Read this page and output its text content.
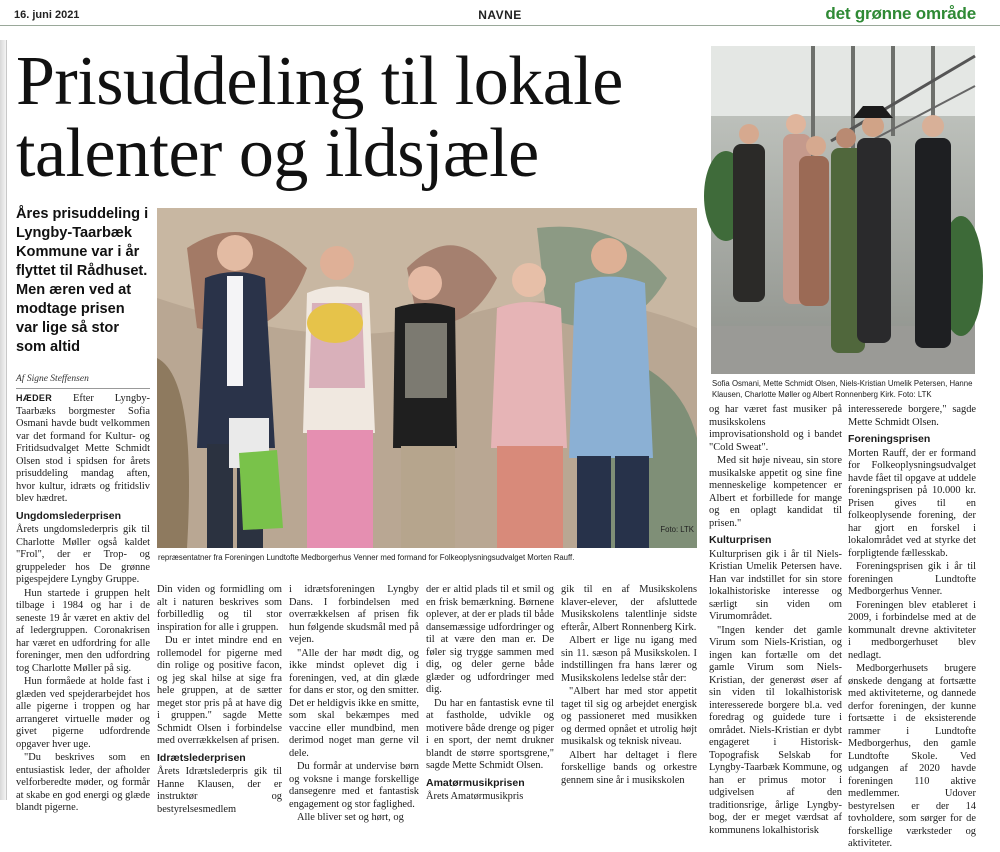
16. juni 2021	NAVNE	det grønne område
Prisuddeling til lokale talenter og ildsjæle
Åres prisuddeling i Lyngby-Taarbæk Kommune var i år flyttet til Rådhuset. Men æren ved at modtage prisen var lige så stor som altid
Af Signe Steffensen	Sofia Osmani, Mette Schmidt Olsen, Niels-Kristian Umelik Petersen, Hanne Klausen, Charlotte Møller og Albert Ronnenberg Kirk. Foto: LTK
repræsentatner fra Foreningen Lundtofte Medborgerhus Venner med formand for Folkeoplysningsudvalget Morten Rauff.
Foto: LTK

HÆDER Efter Lyngby-Taarbæks borgmester Sofia Osmani havde budt velkommen var det formand for Kultur- og Fritidsudvalget Mette Schmidt Olsen stod i spidsen for årets prisuddeling mandag aften, hvor kultur, idræts og fritidsliv blev hædret.

Ungdomslederprisen

Årets ungdomslederpris gik til Charlotte Møller også kaldet "Frol", der er Trop- og gruppeleder hos De grønne pigespejdere Lyngby Gruppe.

Hun startede i gruppen helt tilbage i 1984 og har i de seneste 19 år været en aktiv del af ledergruppen. Coronakrisen har været en udfordring for alle foreninger, men den udfordring tog Charlotte Møller på sig.

Hun formåede at holde fast i glæden ved spejderarbejdet hos alle pigerne i troppen og har arrangeret virtuelle møder og givet pigerne udfordrende opgaver hver uge.

"Du beskrives som en entusiastisk leder, der afholder velforberedte møder, og formår at skabe en god energi og glæde blandt pigerne.

Din viden og formidling om alt i naturen beskrives som forbilledlig og til stor inspiration for alle i gruppen.

Du er intet mindre end en rollemodel for pigerne med din rolige og positive facon, og jeg skal hilse at sige fra hele gruppen, at de sætter meget stor pris på at have dig i gruppen." sagde Mette Schmidt Olsen i forbindelse med overrækkelsen af prisen.

Idrætslederprisen

Årets Idrætslederpris gik til Hanne Klausen, der er instruktør og bestyrelsesmedlem

i idrætsforeningen Lyngby Dans. I forbindelsen med overrækkelsen af prisen fik hun følgende skudsmål med på vejen.

"Alle der har mødt dig, og ikke mindst oplevet dig i foreningen, ved, at din glæde for dans er stor, og den smitter. Det er heldigvis ikke en smitte, som skal bekæmpes med vaccine eller mundbind, men derimod noget man gerne vil dele.

Du formår at undervise børn og voksne i mange forskellige dansegenre med et fantastisk engagement og stor faglighed.

Alle bliver set og hørt, og

der er altid plads til et smil og en frisk bemærkning. Børnene oplever, at der er plads til både dansemæssige udfordringer og til at være den man er. De føler sig trygge sammen med dig, og deler gerne både glæder og udfordringer med dig.

Du har en fantastisk evne til at fastholde, udvikle og motivere både drenge og piger i en sport, der nemt drukner blandt de større sportsgrene," sagde Mette Schmidt Olsen.

Amatørmusikprisen

Årets Amatørmusikpris

gik til en af Musikskolens klaver-elever, der afsluttede Musikskolens talentlinje sidste efterår, Albert Ronnenberg Kirk.

Albert er lige nu igang med sin 11. sæson på Musikskolen. I indstillingen fra hans lærer og Musikskolens ledelse står der:

"Albert har med stor appetit taget til sig og arbejdet energisk og passioneret med musikken og dermed opnået et utrolig højt musikalsk og teknisk niveau.

Albert har deltaget i flere forskellige bands og orkestre gennem sine år i musikskolen

og har været fast musiker på musikskolens improvisationshold og i bandet "Cold Sweat".

Med sit høje niveau, sin store musikalske appetit og sine fine menneskelige kompetencer er Albert et forbillede for mange og en oplagt kandidat til prisen."

Kulturprisen

Kulturprisen gik i år til Niels-Kristian Umelik Petersen have. Han var indstillet for sin store lokalhistoriske interesse og særligt sin viden om Virumområdet.

"Ingen kender det gamle Virum som Niels-Kristian, og ingen kan fortælle om det gamle Virum som Niels-Kristian, der generøst øser af sin viden til lokalhistorisk interesserede borgere bl.a. ved foredrag og guidede ture i området. Niels-Kristian er dybt engageret i Historisk-Topografisk Selskab for Lyngby-Taarbæk Kommune, og han er primus motor i udgivelsen af den traditionsrige, årlige Lyngby-bog, der er meget værdsat af kommunens lokalhistorisk

interesserede borgere," sagde Mette Schmidt Olsen.

Foreningsprisen

Morten Rauff, der er formand for Folkeoplysningsudvalget havde fået til opgave at uddele foreningsprisen på 10.000 kr. Prisen gives til en folkeoplysende forening, der har gjort en forskel i lokalområdet ved at styrke det forpligtende fællesskab.

Foreningsprisen gik i år til foreningen Lundtofte Medborgerhus Venner.

Foreningen blev etableret i 2009, i forbindelse med at de kommunalt drevne aktiviteter i medborgerhuset blev nedlagt.

Medborgerhusets brugere ønskede dengang at fortsætte med aktiviteterne, og dannede derfor foreningen, der kunne fortsætte i de eksisterende rammer i Lundtofte Medborgerhus, den gamle Lundtofte Skole. Ved udgangen af 2020 havde foreningen 110 aktive medlemmer. Udover bestyrelsen er der 14 tovholdere, som sørger for de forskellige værksteder og aktiviteter.
